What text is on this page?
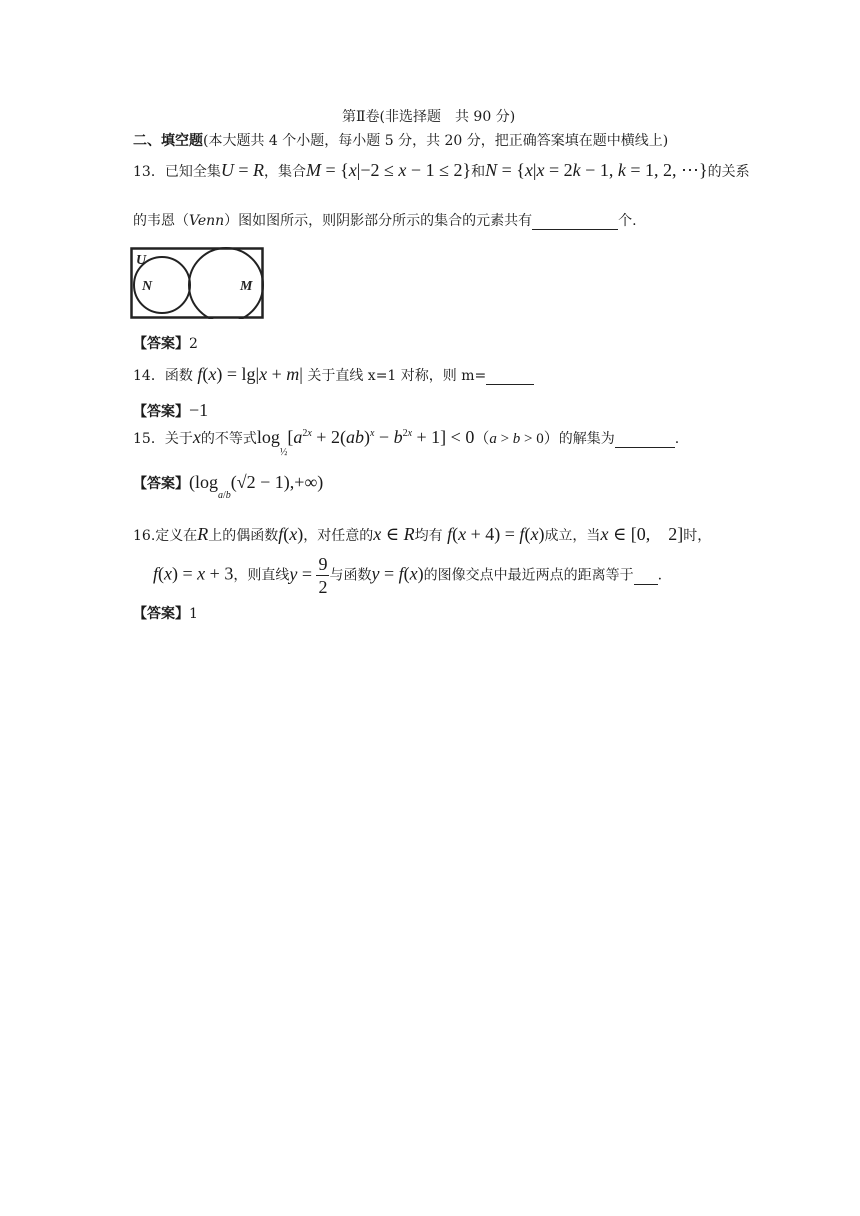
第Ⅱ卷(非选择题　共 90 分)
二、填空题(本大题共 4 个小题，每小题 5 分，共 20 分，把正确答案填在题中横线上)
13．已知全集U = R，集合M = {x|−2 ≤ x − 1 ≤ 2}和N = {x|x = 2k − 1, k = 1, 2, ⋯}的关系
的韦恩（Venn）图如图所示，则阴影部分所示的集合的元素共有	个.
U
N	M
【答案】2
14．函数 f(x) = lg|x + m| 关于直线 x=1 对称，则 m=
【答案】−1
15．关于x的不等式$\log_{\frac{1}{2}}[a^{2x} + 2(ab)^x - b^{2x} + 1] < 0(a > b > 0)$的解集为	.
【答案】$(\log_{a/b}(√2 - 1),+\infty)$
16.定义在R上的偶函数f(x)，对任意的x ∈ R均有 f(x + 4) = f(x)成立，当x ∈ [0,　2]时，
f(x) = x + 3，则直线$y = \frac{9}{2}$ 与函数y = f(x)的图像交点中最近两点的距离等于 .
【答案】1
